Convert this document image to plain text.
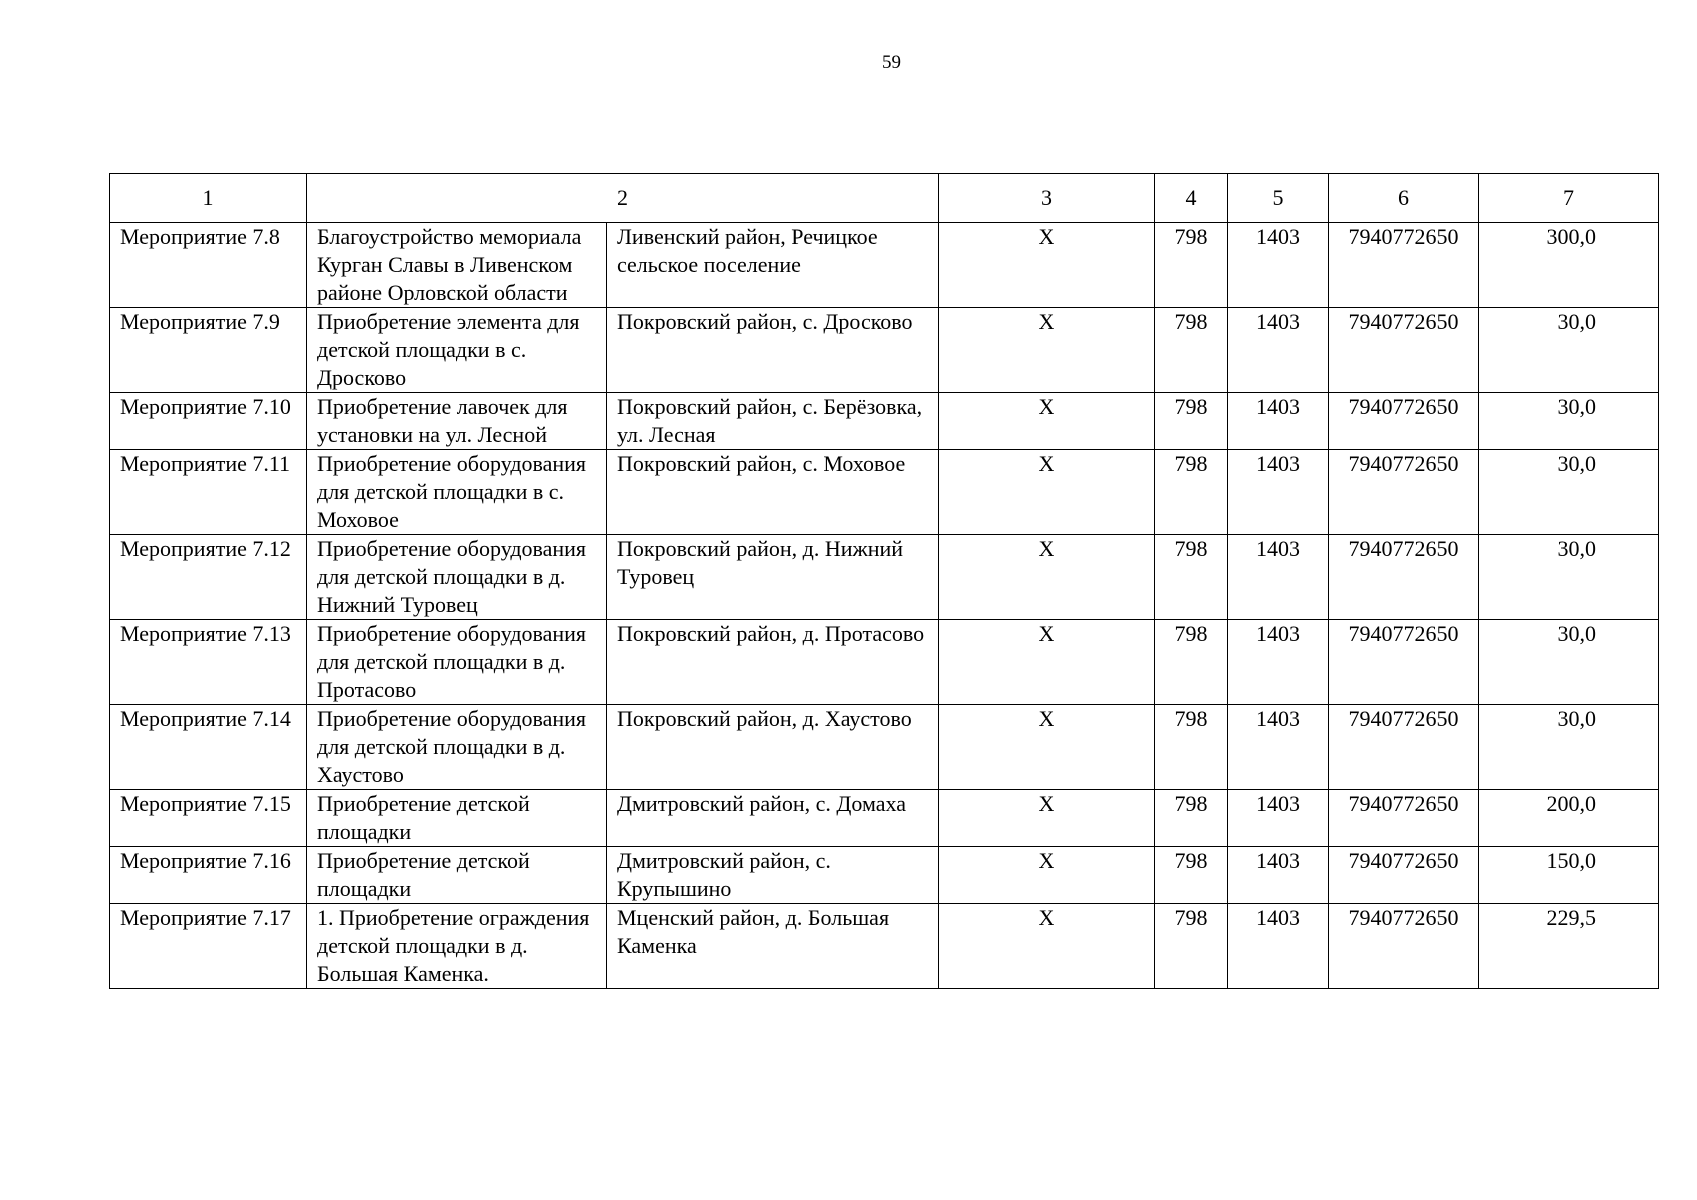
59
1	2		3	4	5	6	7
Мероприятие 7.8	Благоустройство мемориала Курган Славы в Ливенском районе Орловской области	Ливенский район, Речицкое сельское поселение	Х	798	1403	7940772650	300,0
Мероприятие 7.9	Приобретение элемента для детской площадки в с. Дросково	Покровский район, с. Дросково	Х	798	1403	7940772650	30,0
Мероприятие 7.10	Приобретение лавочек для установки на ул. Лесной	Покровский район, с. Берёзовка, ул. Лесная	Х	798	1403	7940772650	30,0
Мероприятие 7.11	Приобретение оборудования для детской площадки в с. Моховое	Покровский район, с. Моховое	Х	798	1403	7940772650	30,0
Мероприятие 7.12	Приобретение оборудования для детской площадки в д. Нижний Туровец	Покровский район, д. Нижний Туровец	Х	798	1403	7940772650	30,0
Мероприятие 7.13	Приобретение оборудования для детской площадки в д. Протасово	Покровский район, д. Протасово	Х	798	1403	7940772650	30,0
Мероприятие 7.14	Приобретение оборудования для детской площадки в д. Хаустово	Покровский район, д. Хаустово	Х	798	1403	7940772650	30,0
Мероприятие 7.15	Приобретение детской площадки	Дмитровский район, с. Домаха	Х	798	1403	7940772650	200,0
Мероприятие 7.16	Приобретение детской площадки	Дмитровский район, с. Крупышино	Х	798	1403	7940772650	150,0
Мероприятие 7.17	1. Приобретение ограждения детской площадки в д. Большая Каменка.	Мценский район, д. Большая Каменка	Х	798	1403	7940772650	229,5
